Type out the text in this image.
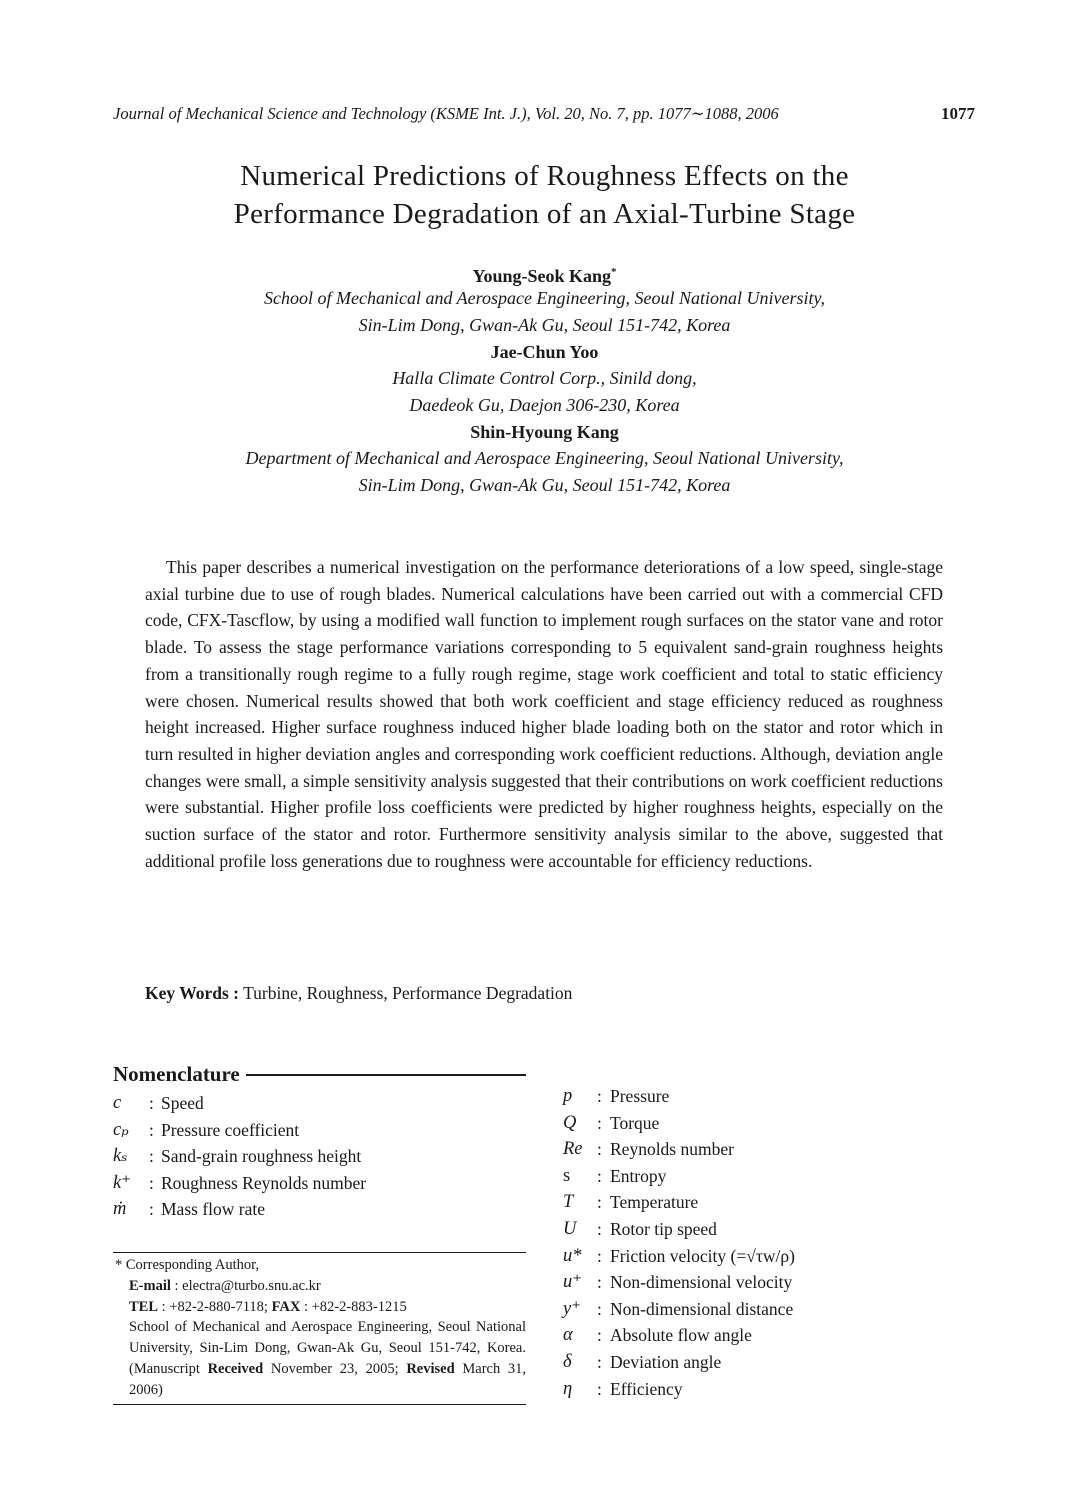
Journal of Mechanical Science and Technology (KSME Int. J.), Vol. 20, No. 7, pp. 1077∼1088, 2006	1077
Numerical Predictions of Roughness Effects on the
Performance Degradation of an Axial-Turbine Stage
Young-Seok Kang*
School of Mechanical and Aerospace Engineering, Seoul National University,
Sin-Lim Dong, Gwan-Ak Gu, Seoul 151-742, Korea
Jae-Chun Yoo
Halla Climate Control Corp., Sinild dong,
Daedeok Gu, Daejon 306-230, Korea
Shin-Hyoung Kang
Department of Mechanical and Aerospace Engineering, Seoul National University,
Sin-Lim Dong, Gwan-Ak Gu, Seoul 151-742, Korea

This paper describes a numerical investigation on the performance deteriorations of a low speed, single-stage axial turbine due to use of rough blades. Numerical calculations have been carried out with a commercial CFD code, CFX-Tascflow, by using a modified wall function to implement rough surfaces on the stator vane and rotor blade. To assess the stage performance variations corresponding to 5 equivalent sand-grain roughness heights from a transitionally rough regime to a fully rough regime, stage work coefficient and total to static efficiency were chosen. Numerical results showed that both work coefficient and stage efficiency reduced as roughness height increased. Higher surface roughness induced higher blade loading both on the stator and rotor which in turn resulted in higher deviation angles and corresponding work coefficient reductions. Although, deviation angle changes were small, a simple sensitivity analysis suggested that their contributions on work coefficient reductions were substantial. Higher profile loss coefficients were predicted by higher roughness heights, especially on the suction surface of the stator and rotor. Furthermore sensitivity analysis similar to the above, suggested that additional profile loss generations due to roughness were accountable for efficiency reductions.

Key Words : Turbine, Roughness, Performance Degradation
Nomenclature
c : Speed
cₚ : Pressure coefficient
kₛ : Sand-grain roughness height
k⁺ : Roughness Reynolds number
ṁ : Mass flow rate
p : Pressure
Q : Torque
Re : Reynolds number
s : Entropy
T : Temperature
U : Rotor tip speed
u* : Friction velocity (=√τw/ρ)
u⁺ : Non-dimensional velocity
y⁺ : Non-dimensional distance
α : Absolute flow angle
δ : Deviation angle
η : Efficiency
* Corresponding Author,
E-mail : electra@turbo.snu.ac.kr
TEL : +82-2-880-7118; FAX : +82-2-883-1215
School of Mechanical and Aerospace Engineering, Seoul National University, Sin-Lim Dong, Gwan-Ak Gu, Seoul 151-742, Korea. (Manuscript Received November 23, 2005; Revised March 31, 2006)
